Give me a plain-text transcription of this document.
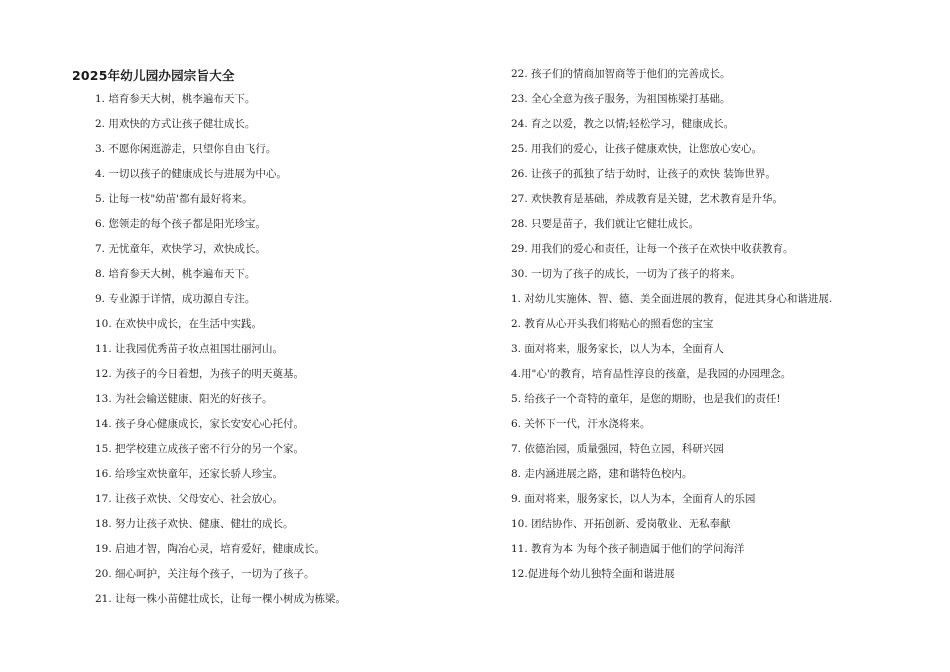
2025年幼儿园办园宗旨大全
1. 培育参天大树，桃李遍布天下。
2. 用欢快的方式让孩子健壮成长。
3. 不愿你闲逛游走，只望你自由飞行。
4. 一切以孩子的健康成长与进展为中心。
5. 让每一枝"幼苗'都有最好将来。
6. 您领走的每个孩子都是阳光珍宝。
7. 无忧童年，欢快学习，欢快成长。
8. 培育参天大树，桃李遍布天下。
9. 专业源于详情，成功源自专注。
10. 在欢快中成长，在生活中实践。
11. 让我园优秀苗子妆点祖国壮丽河山。
12. 为孩子的今日着想，为孩子的明天奠基。
13. 为社会输送健康、阳光的好孩子。
14. 孩子身心健康成长，家长安安心心托付。
15. 把学校建立成孩子密不行分的另一个家。
16. 给珍宝欢快童年，还家长骄人珍宝。
17. 让孩子欢快、父母安心、社会放心。
18. 努力让孩子欢快、健康、健壮的成长。
19. 启迪才智，陶冶心灵，培育爱好，健康成长。
20. 细心呵护，关注每个孩子，一切为了孩子。
21. 让每一株小苗健壮成长，让每一棵小树成为栋梁。
22. 孩子们的情商加智商等于他们的完善成长。
23. 全心全意为孩子服务，为祖国栋梁打基础。
24. 育之以爱，教之以情;轻松学习，健康成长。
25. 用我们的爱心，让孩子健康欢快，让您放心安心。
26. 让孩子的孤独了结于幼时，让孩子的欢快 装饰世界。
27. 欢快教育是基础，养成教育是关键，艺术教育是升华。
28. 只要是苗子，我们就让它健壮成长。
29. 用我们的爱心和责任，让每一个孩子在欢快中收获教育。
30. 一切为了孩子的成长，一切为了孩子的将来。
1. 对幼儿实施体、智、德、美全面进展的教育，促进其身心和谐进展.
2. 教育从心开头我们将贴心的照看您的宝宝
3. 面对将来，服务家长，以人为本，全面育人
4.用"心'的教育，培育品性淳良的孩童，是我园的办园理念。
5. 给孩子一个奇特的童年，是您的期盼，也是我们的责任!
6. 关怀下一代，汗水浇将来。
7. 依德治园，质量强园，特色立园，科研兴园
8. 走内涵进展之路，建和谐特色校内。
9. 面对将来，服务家长，以人为本，全面育人的乐园
10. 团结协作、开拓创新、爱岗敬业、无私奉献
11. 教育为本 为每个孩子制造属于他们的学问海洋
12.促进每个幼儿独特全面和谐进展
